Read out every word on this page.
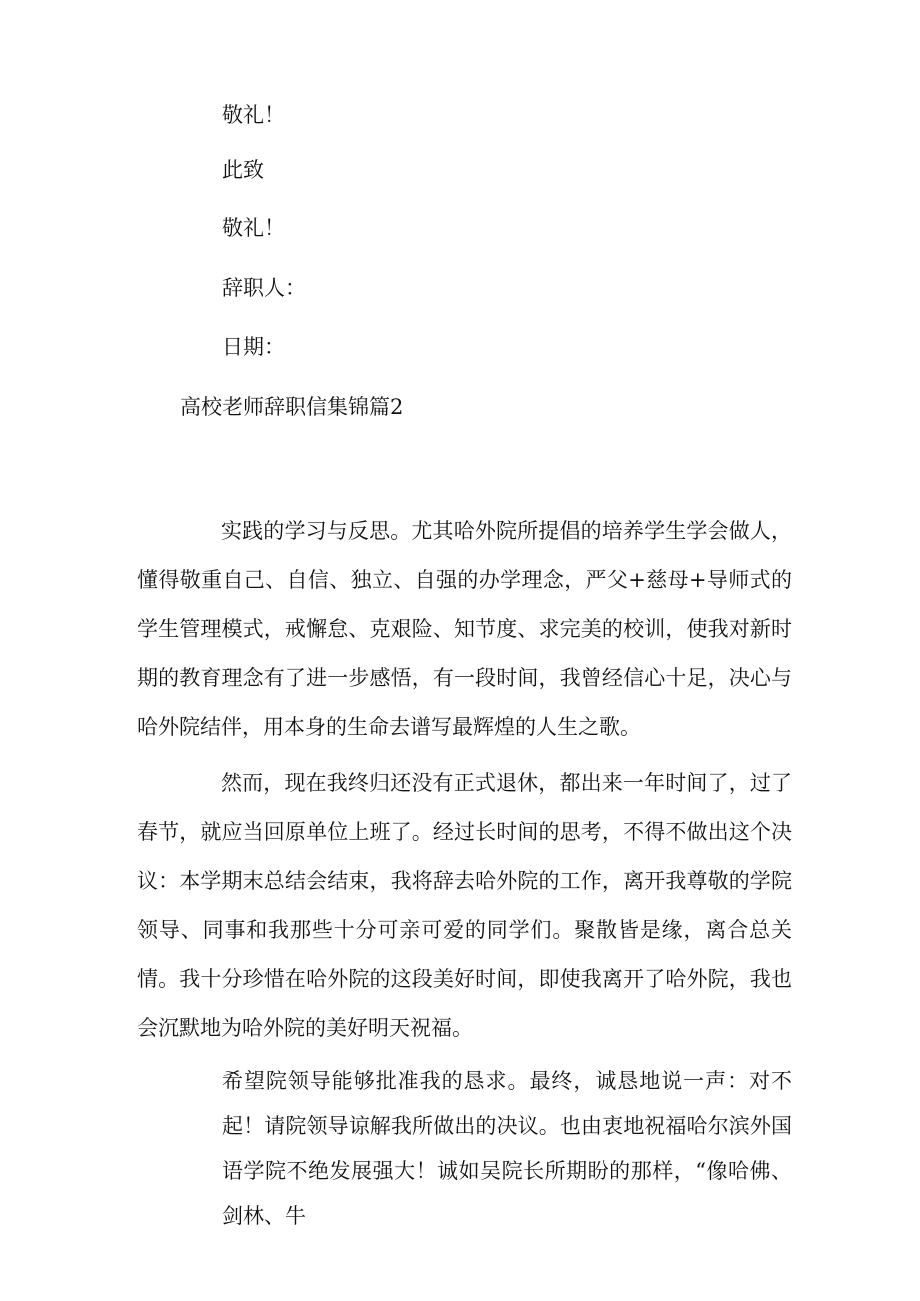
敬礼！
此致
敬礼！
辞职人：
日期：
高校老师辞职信集锦篇2

实践的学习与反思。尤其哈外院所提倡的培养学生学会做人，懂得敬重自己、自信、独立、自强的办学理念，严父+慈母+导师式的学生管理模式，戒懈怠、克艰险、知节度、求完美的校训，使我对新时期的教育理念有了进一步感悟，有一段时间，我曾经信心十足，决心与哈外院结伴，用本身的生命去谱写最辉煌的人生之歌。

然而，现在我终归还没有正式退休，都出来一年时间了，过了春节，就应当回原单位上班了。经过长时间的思考，不得不做出这个决议：本学期末总结会结束，我将辞去哈外院的工作，离开我尊敬的学院领导、同事和我那些十分可亲可爱的同学们。聚散皆是缘，离合总关情。我十分珍惜在哈外院的这段美好时间，即使我离开了哈外院，我也会沉默地为哈外院的美好明天祝福。

希望院领导能够批准我的恳求。最终，诚恳地说一声：对不起！请院领导谅解我所做出的决议。也由衷地祝福哈尔滨外国语学院不绝发展强大！诚如吴院长所期盼的那样，“像哈佛、剑林、牛
